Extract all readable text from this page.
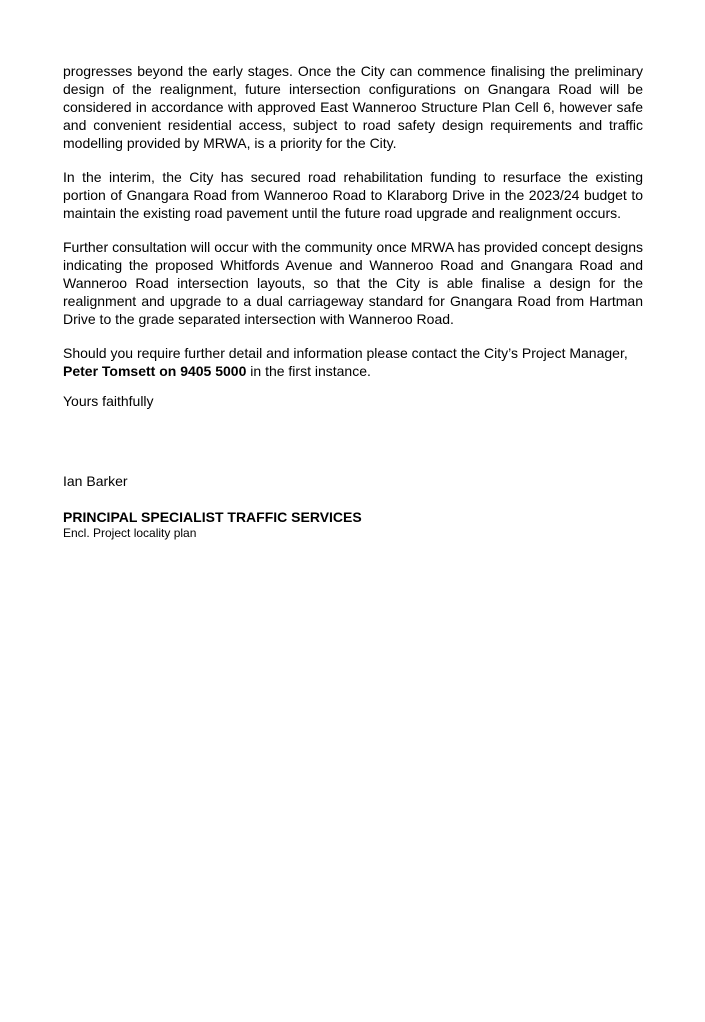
progresses beyond the early stages. Once the City can commence finalising the preliminary design of the realignment, future intersection configurations on Gnangara Road will be considered in accordance with approved East Wanneroo Structure Plan Cell 6, however safe and convenient residential access, subject to road safety design requirements and traffic modelling provided by MRWA, is a priority for the City.

In the interim, the City has secured road rehabilitation funding to resurface the existing portion of Gnangara Road from Wanneroo Road to Klaraborg Drive in the 2023/24 budget to maintain the existing road pavement until the future road upgrade and realignment occurs.

Further consultation will occur with the community once MRWA has provided concept designs indicating the proposed Whitfords Avenue and Wanneroo Road and Gnangara Road and Wanneroo Road intersection layouts, so that the City is able finalise a design for the realignment and upgrade to a dual carriageway standard for Gnangara Road from Hartman Drive to the grade separated intersection with Wanneroo Road.

Should you require further detail and information please contact the City’s Project Manager, Peter Tomsett on 9405 5000 in the first instance.

Yours faithfully

Ian Barker

PRINCIPAL SPECIALIST TRAFFIC SERVICES

Encl. Project locality plan
